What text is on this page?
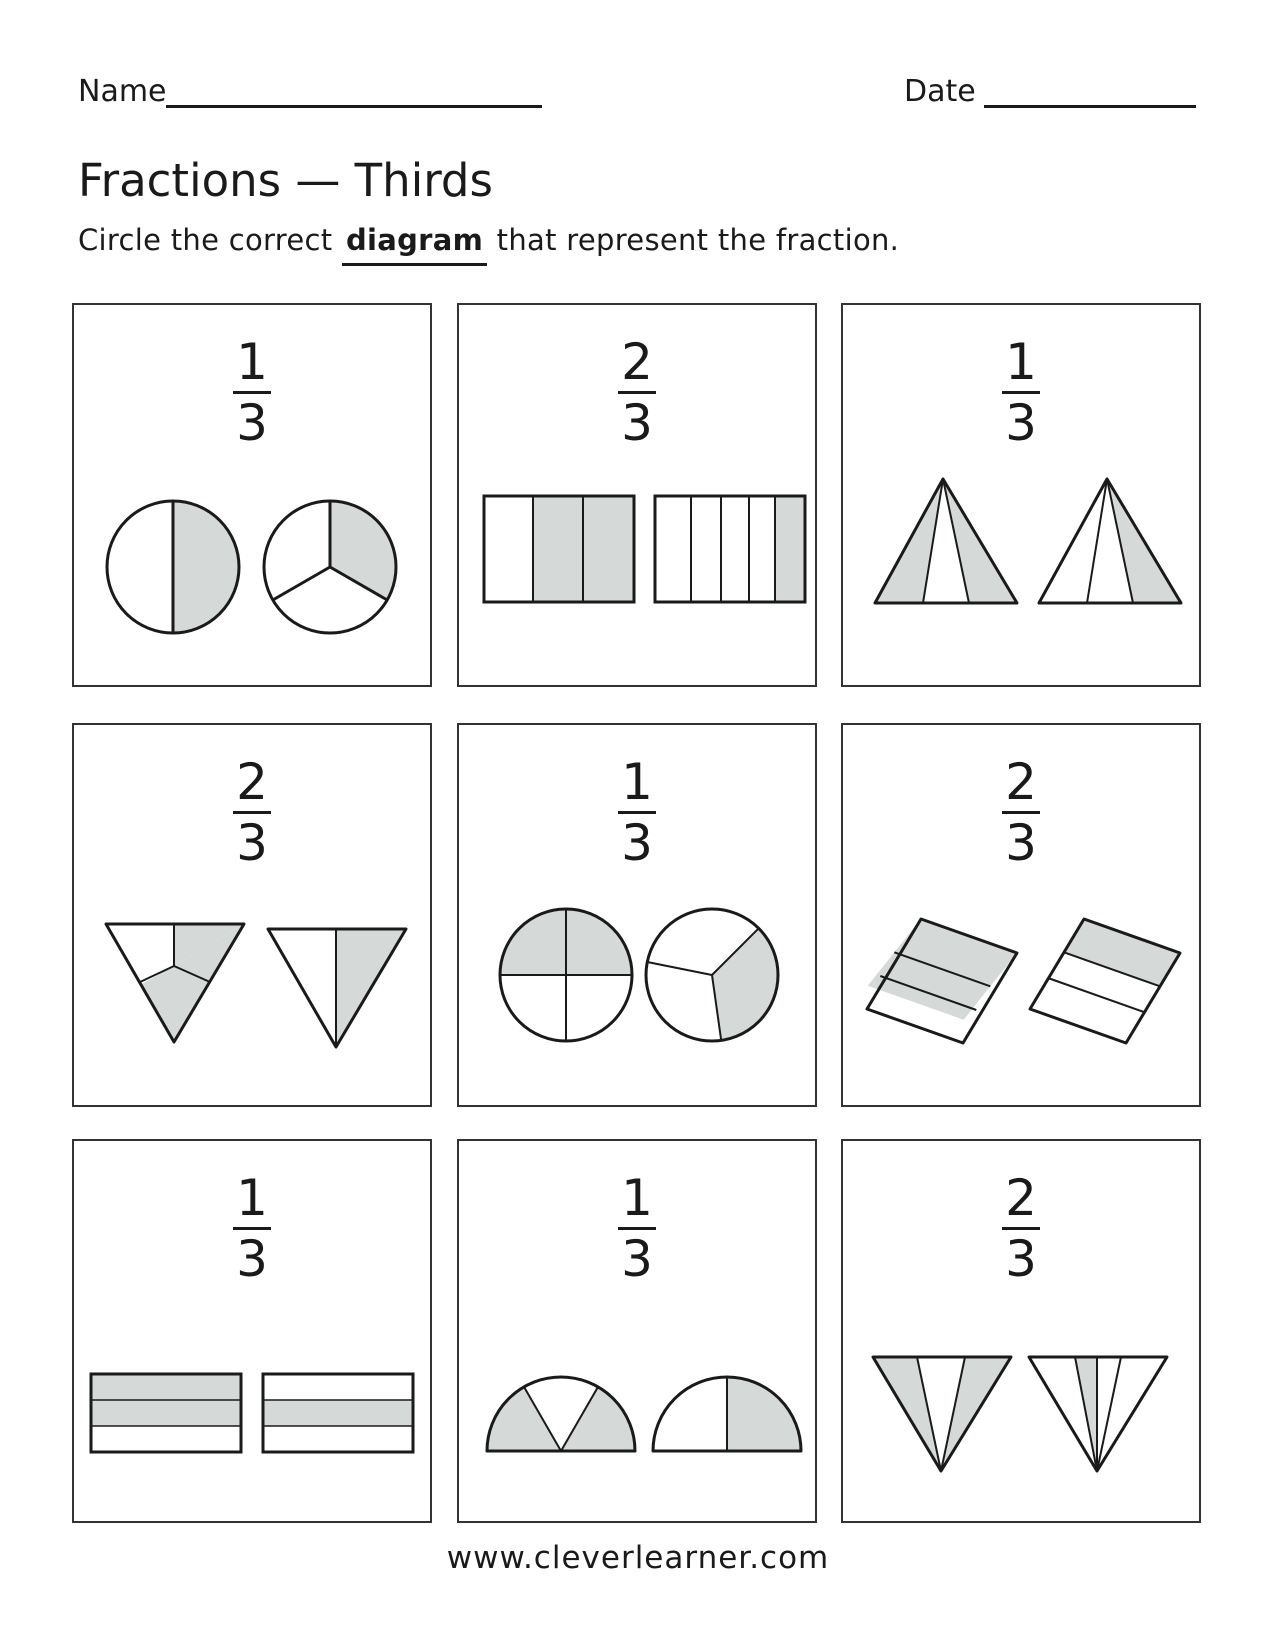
Name	Date
Fractions — Thirds
Circle the correct diagram that represent the fraction.
1
3
2
3
1
3
2
3
1
3
2
3
1
3
1
3
2
3
www.cleverlearner.com
